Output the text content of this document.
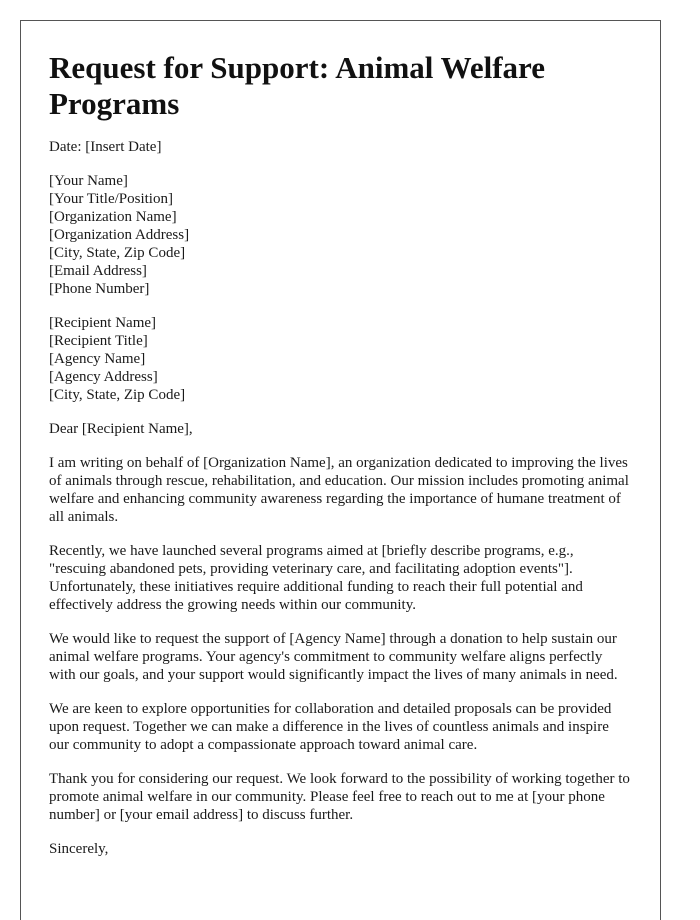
Request for Support: Animal Welfare Programs

Date: [Insert Date]

[Your Name]
[Your Title/Position]
[Organization Name]
[Organization Address]
[City, State, Zip Code]
[Email Address]
[Phone Number]
[Recipient Name]
[Recipient Title]
[Agency Name]
[Agency Address]
[City, State, Zip Code]

Dear [Recipient Name],

I am writing on behalf of [Organization Name], an organization dedicated to improving the lives of animals through rescue, rehabilitation, and education. Our mission includes promoting animal welfare and enhancing community awareness regarding the importance of humane treatment of all animals.

Recently, we have launched several programs aimed at [briefly describe programs, e.g., "rescuing abandoned pets, providing veterinary care, and facilitating adoption events"]. Unfortunately, these initiatives require additional funding to reach their full potential and effectively address the growing needs within our community.

We would like to request the support of [Agency Name] through a donation to help sustain our animal welfare programs. Your agency's commitment to community welfare aligns perfectly with our goals, and your support would significantly impact the lives of many animals in need.

We are keen to explore opportunities for collaboration and detailed proposals can be provided upon request. Together we can make a difference in the lives of countless animals and inspire our community to adopt a compassionate approach toward animal care.

Thank you for considering our request. We look forward to the possibility of working together to promote animal welfare in our community. Please feel free to reach out to me at [your phone number] or [your email address] to discuss further.

Sincerely,
